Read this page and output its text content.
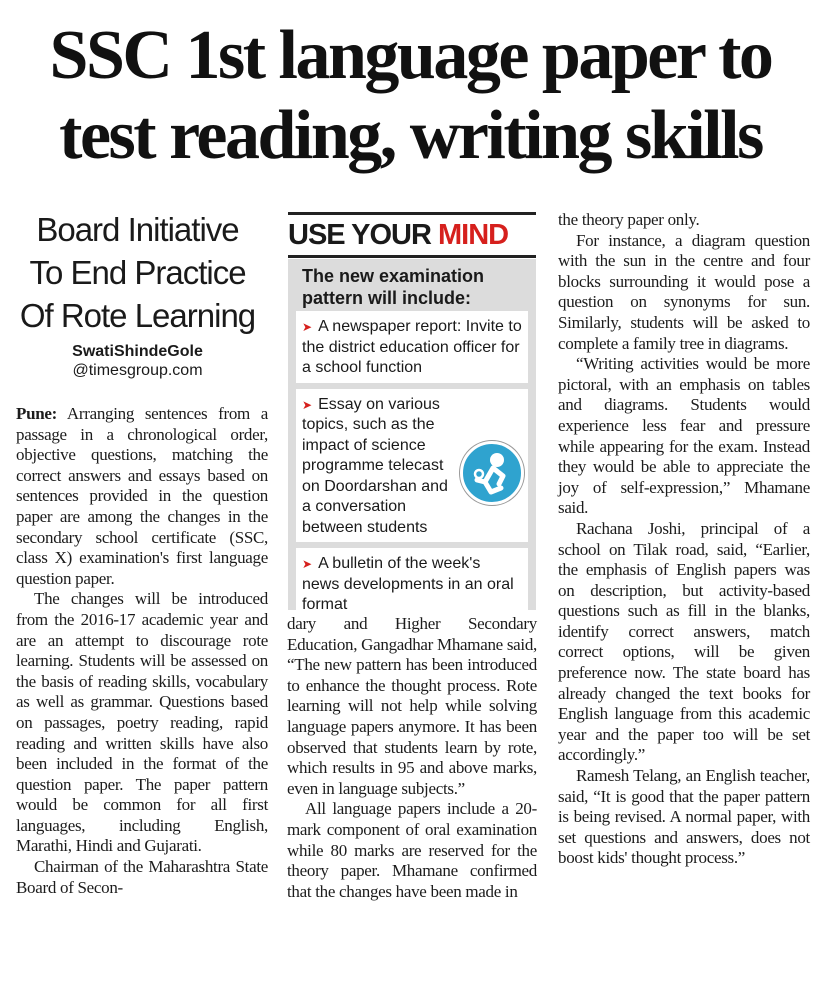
SSC 1st language paper to
test reading, writing skills
Board Initiative
To End Practice
Of Rote Learning
SwatiShindeGole
@timesgroup.com

Pune: Arranging sentences from a passage in a chronological order, objective questions, matching the correct answers and essays based on sentences provided in the question paper are among the changes in the secondary school certificate (SSC, class X) examination's first language question paper.

The changes will be introduced from the 2016-17 academic year and are an attempt to discourage rote learning. Students will be assessed on the basis of reading skills, vocabulary as well as grammar. Questions based on passages, poetry reading, rapid reading and written skills have also been included in the format of the question paper. The paper pattern would be common for all first languages, including English, Marathi, Hindi and Gujarati.

Chairman of the Maharashtra State Board of Secon-

USE YOUR MIND
The new examination pattern will include:
➤ A newspaper report: Invite to the district education officer for a school function
➤ Essay on various topics, such as the impact of science programme telecast on Doordarshan and a conversation between students
➤ A bulletin of the week's news developments in an oral format

dary and Higher Secondary Education, Gangadhar Mhamane said, “The new pattern has been introduced to enhance the thought process. Rote learning will not help while solving language papers anymore. It has been observed that students learn by rote, which results in 95 and above marks, even in language subjects.”

All language papers include a 20-mark component of oral examination while 80 marks are reserved for the theory paper. Mhamane confirmed that the changes have been made in

the theory paper only.

For instance, a diagram question with the sun in the centre and four blocks surrounding it would pose a question on synonyms for sun. Similarly, students will be asked to complete a family tree in diagrams.

“Writing activities would be more pictoral, with an emphasis on tables and diagrams. Students would experience less fear and pressure while appearing for the exam. Instead they would be able to appreciate the joy of self-expression,” Mhamane said.

Rachana Joshi, principal of a school on Tilak road, said, “Earlier, the emphasis of English papers was on description, but activity-based questions such as fill in the blanks, identify correct answers, match correct options, will be given preference now. The state board has already changed the text books for English language from this academic year and the paper too will be set accordingly.”

Ramesh Telang, an English teacher, said, “It is good that the paper pattern is being revised. A normal paper, with set questions and answers, does not boost kids' thought process.”
